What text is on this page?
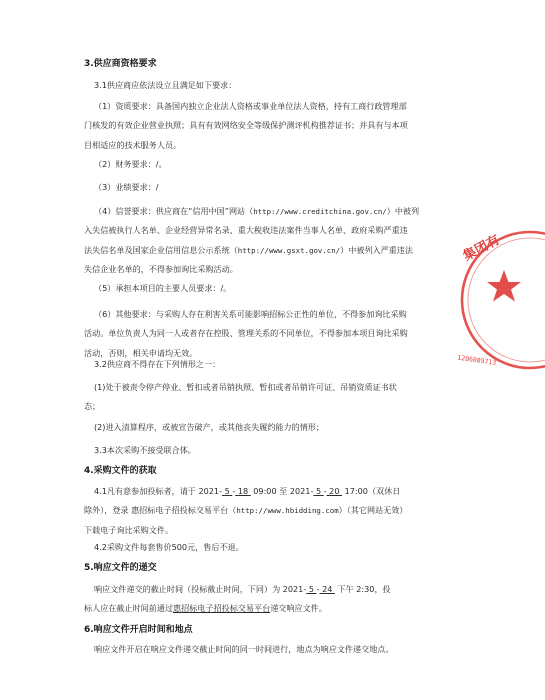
3.供应商资格要求
3.1供应商应依法设立且满足如下要求：
（1）资质要求：具备国内独立企业法人资格或事业单位法人资格，持有工商行政管理部
门核发的有效企业营业执照；具有有效网络安全等级保护测评机构推荐证书；并具有与本项
目相适应的技术服务人员。
（2）财务要求：/。
（3）业绩要求：/
（4）信誉要求：供应商在“信用中国”网站（http://www.creditchina.gov.cn/）中被列
入失信被执行人名单、企业经营异常名录、重大税收违法案件当事人名单、政府采购严重违
法失信名单及国家企业信用信息公示系统（http://www.gsxt.gov.cn/）中被列入严重违法
失信企业名单的，不得参加询比采购活动。
（5）承担本项目的主要人员要求：/。
（6）其他要求：与采购人存在利害关系可能影响招标公正性的单位，不得参加询比采购
活动。单位负责人为同一人或者存在控股、管理关系的不同单位，不得参加本项目询比采购
活动，否则，相关申请均无效。
3.2供应商不得存在下列情形之一：
(1)处于被责令停产停业、暂扣或者吊销执照、暂扣或者吊销许可证、吊销资质证书状
态；
(2)进入清算程序，或被宣告破产，或其他丧失履约能力的情形；
3.3本次采购不接受联合体。
4.采购文件的获取
4.1凡有意参加投标者，请于 2021- 5 - 18  09:00 至 2021- 5 - 20  17:00（双休日
除外），登录 惠招标电子招投标交易平台（http://www.hbidding.com）（其它网站无效）
下载电子询比采购文件。
4.2采购文件每套售价500元，售后不退。
5.响应文件的递交
响应文件递交的截止时间（投标截止时间，下同）为 2021- 5 - 24  下午 2:30，投
标人应在截止时间前通过惠招标电子招投标交易平台递交响应文件。
6.响应文件开启时间和地点
响应文件开启在响应文件递交截止时间的同一时间进行，地点为响应文件递交地点。
集团有
1206089713
